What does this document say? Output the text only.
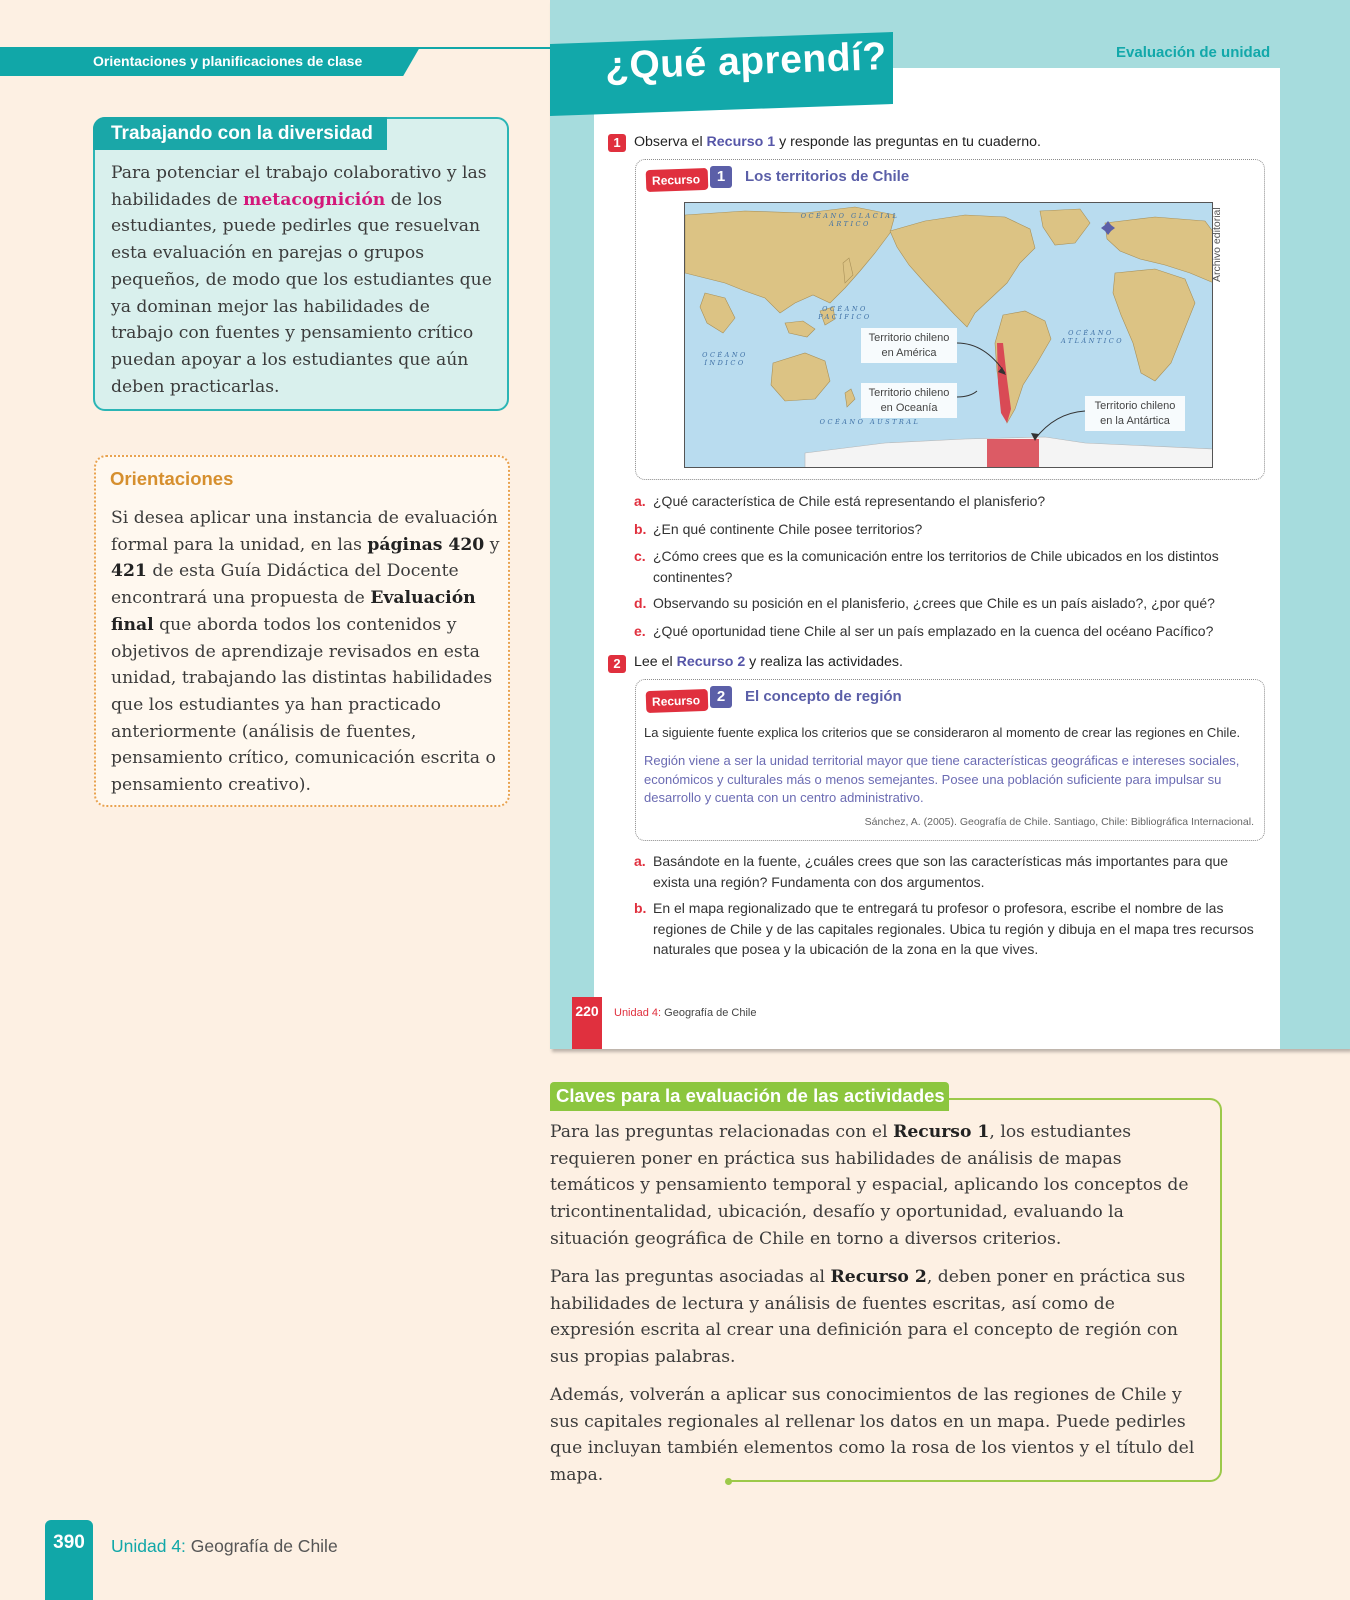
Orientaciones y planificaciones de clase
Trabajando con la diversidad
Para potenciar el trabajo colaborativo y las habilidades de metacognición de los estudiantes, puede pedirles que resuelvan esta evaluación en parejas o grupos pequeños, de modo que los estudiantes que ya dominan mejor las habilidades de trabajo con fuentes y pensamiento crítico puedan apoyar a los estudiantes que aún deben practicarlas.
Orientaciones
Si desea aplicar una instancia de evaluación formal para la unidad, en las páginas 420 y 421 de esta Guía Didáctica del Docente encontrará una propuesta de Evaluación final que aborda todos los contenidos y objetivos de aprendizaje revisados en esta unidad, trabajando las distintas habilidades que los estudiantes ya han practicado anteriormente (análisis de fuentes, pensamiento crítico, comunicación escrita o pensamiento creativo).
¿Qué aprendí?	Evaluación de unidad
1 Observa el Recurso 1 y responde las preguntas en tu cuaderno.
Recurso	1	Los territorios de Chile
OCÉANO GLACIAL ÁRTICO
OCÉANO
PACÍFICO
OCÉANO
ATLÁNTICO
OCÉANO
ÍNDICO
OCÉANO AUSTRAL
Territorio chileno
en América
Territorio chileno
en Oceanía	Territorio chileno
en la Antártica
Archivo editorial
a. ¿Qué característica de Chile está representando el planisferio?
b. ¿En qué continente Chile posee territorios?
c. ¿Cómo crees que es la comunicación entre los territorios de Chile ubicados en los distintos continentes?
d. Observando su posición en el planisferio, ¿crees que Chile es un país aislado?, ¿por qué?
e. ¿Qué oportunidad tiene Chile al ser un país emplazado en la cuenca del océano Pacífico?
2 Lee el Recurso 2 y realiza las actividades.
Recurso	2	El concepto de región
La siguiente fuente explica los criterios que se consideraron al momento de crear las regiones en Chile.
Región viene a ser la unidad territorial mayor que tiene características geográficas e intereses sociales, económicos y culturales más o menos semejantes. Posee una población suficiente para impulsar su desarrollo y cuenta con un centro administrativo.
Sánchez, A. (2005). Geografía de Chile. Santiago, Chile: Bibliográfica Internacional.
a. Basándote en la fuente, ¿cuáles crees que son las características más importantes para que exista una región? Fundamenta con dos argumentos.
b. En el mapa regionalizado que te entregará tu profesor o profesora, escribe el nombre de las regiones de Chile y de las capitales regionales. Ubica tu región y dibuja en el mapa tres recursos naturales que posea y la ubicación de la zona en la que vives.
220	Unidad 4: Geografía de Chile
Claves para la evaluación de las actividades
Para las preguntas relacionadas con el Recurso 1, los estudiantes requieren poner en práctica sus habilidades de análisis de mapas temáticos y pensamiento temporal y espacial, aplicando los conceptos de tricontinentalidad, ubicación, desafío y oportunidad, evaluando la situación geográfica de Chile en torno a diversos criterios.
Para las preguntas asociadas al Recurso 2, deben poner en práctica sus habilidades de lectura y análisis de fuentes escritas, así como de expresión escrita al crear una definición para el concepto de región con sus propias palabras.
Además, volverán a aplicar sus conocimientos de las regiones de Chile y sus capitales regionales al rellenar los datos en un mapa. Puede pedirles que incluyan también elementos como la rosa de los vientos y el título del mapa.
390	Unidad 4: Geografía de Chile
